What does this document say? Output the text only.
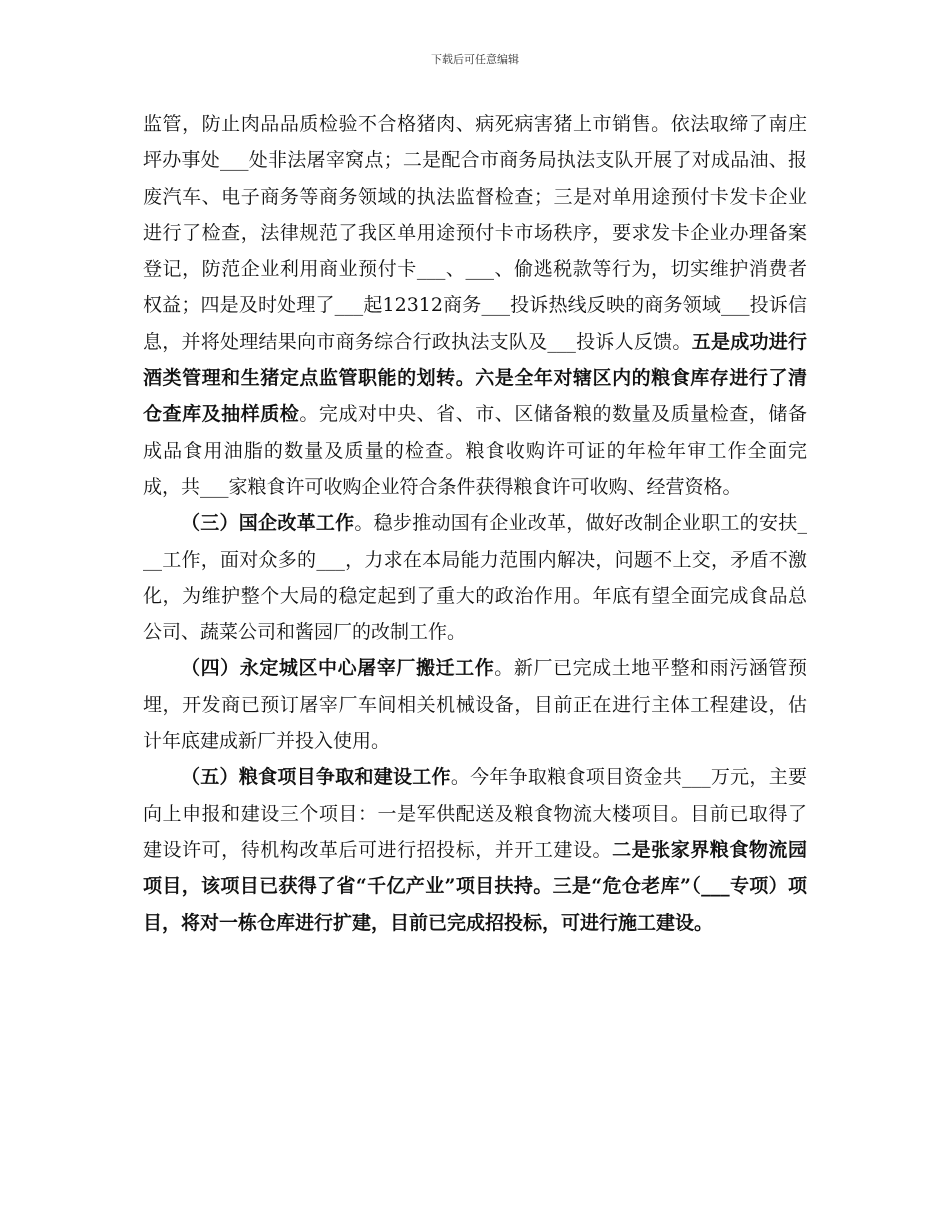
下载后可任意编辑

监管，防止肉品品质检验不合格猪肉、病死病害猪上市销售。依法取缔了南庄坪办事处___处非法屠宰窝点；二是配合市商务局执法支队开展了对成品油、报废汽车、电子商务等商务领域的执法监督检查；三是对单用途预付卡发卡企业进行了检查，法律规范了我区单用途预付卡市场秩序，要求发卡企业办理备案登记，防范企业利用商业预付卡___、___、偷逃税款等行为，切实维护消费者权益；四是及时处理了___起12312商务___投诉热线反映的商务领域___投诉信息，并将处理结果向市商务综合行政执法支队及___投诉人反馈。五是成功进行酒类管理和生猪定点监管职能的划转。六是全年对辖区内的粮食库存进行了清仓查库及抽样质检。完成对中央、省、市、区储备粮的数量及质量检查，储备成品食用油脂的数量及质量的检查。粮食收购许可证的年检年审工作全面完成，共___家粮食许可收购企业符合条件获得粮食许可收购、经营资格。

（三）国企改革工作。稳步推动国有企业改革，做好改制企业职工的安扶___工作，面对众多的___，力求在本局能力范围内解决，问题不上交，矛盾不激化，为维护整个大局的稳定起到了重大的政治作用。年底有望全面完成食品总公司、蔬菜公司和酱园厂的改制工作。

（四）永定城区中心屠宰厂搬迁工作。新厂已完成土地平整和雨污涵管预埋，开发商已预订屠宰厂车间相关机械设备，目前正在进行主体工程建设，估计年底建成新厂并投入使用。

（五）粮食项目争取和建设工作。今年争取粮食项目资金共___万元，主要向上申报和建设三个项目：一是军供配送及粮食物流大楼项目。目前已取得了建设许可，待机构改革后可进行招投标，并开工建设。二是张家界粮食物流园项目，该项目已获得了省“千亿产业”项目扶持。三是“危仓老库”（___专项）项目，将对一栋仓库进行扩建，目前已完成招投标，可进行施工建设。
